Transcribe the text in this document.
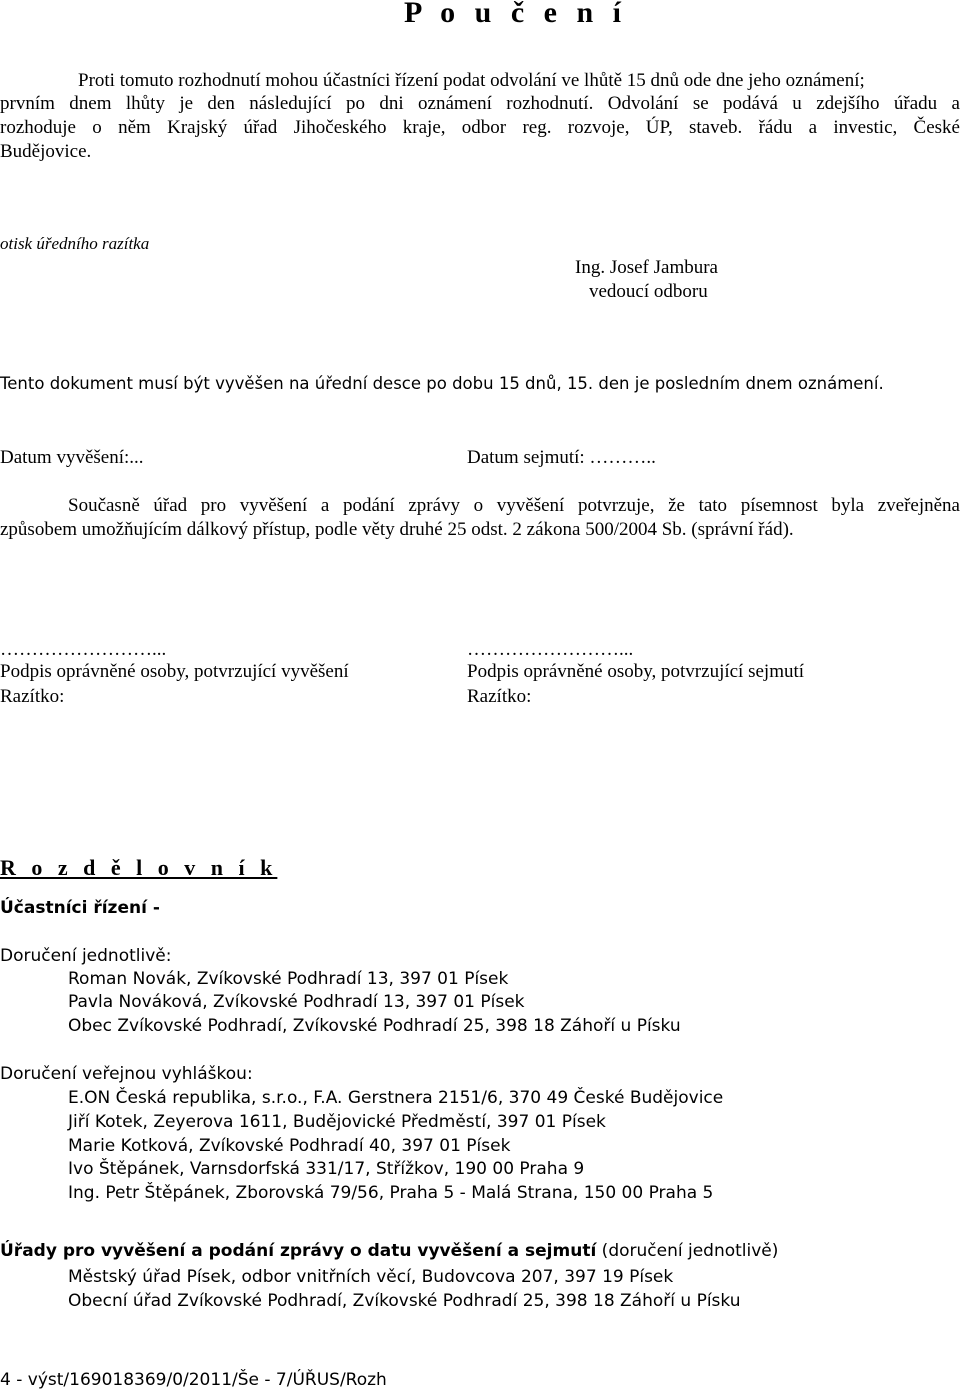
P o u č e n í
Proti tomuto rozhodnutí mohou účastníci řízení podat odvolání ve lhůtě 15 dnů ode dne jeho oznámení;
prvním dnem lhůty je den následující po dni oznámení rozhodnutí. Odvolání se podává u zdejšího úřadu a
rozhoduje o něm Krajský úřad Jihočeského kraje, odbor reg. rozvoje, ÚP, staveb. řádu a investic, České
Budějovice.
otisk úředního razítka
Ing. Josef Jambura
vedoucí odboru
Tento dokument musí být vyvěšen na úřední desce po dobu 15 dnů, 15. den je posledním dnem oznámení.
Datum vyvěšení:...	Datum sejmutí: ………..
Současně úřad pro vyvěšení a podání zprávy o vyvěšení potvrzuje, že tato písemnost byla zveřejněna
způsobem umožňujícím dálkový přístup, podle věty druhé 25 odst. 2 zákona 500/2004 Sb. (správní řád).
……………………...
Podpis oprávněné osoby, potvrzující vyvěšení
Razítko:
……………………...
Podpis oprávněné osoby, potvrzující sejmutí
Razítko:
R o z d ě l o v n í k
Účastníci řízení -
Doručení jednotlivě:
Roman Novák, Zvíkovské Podhradí 13, 397 01 Písek
Pavla Nováková, Zvíkovské Podhradí 13, 397 01 Písek
Obec Zvíkovské Podhradí, Zvíkovské Podhradí 25, 398 18 Záhoří u Písku
Doručení veřejnou vyhláškou:
E.ON Česká republika, s.r.o., F.A. Gerstnera 2151/6, 370 49 České Budějovice
Jiří Kotek, Zeyerova 1611, Budějovické Předměstí, 397 01 Písek
Marie Kotková, Zvíkovské Podhradí 40, 397 01 Písek
Ivo Štěpánek, Varnsdorfská 331/17, Střížkov, 190 00 Praha 9
Ing. Petr Štěpánek, Zborovská 79/56, Praha 5 - Malá Strana, 150 00 Praha 5
Úřady pro vyvěšení a podání zprávy o datu vyvěšení a sejmutí (doručení jednotlivě)
Městský úřad Písek, odbor vnitřních věcí, Budovcova 207, 397 19 Písek
Obecní úřad Zvíkovské Podhradí, Zvíkovské Podhradí 25, 398 18 Záhoří u Písku
4 - výst/169018369/0/2011/Še - 7/ÚŘUS/Rozh
